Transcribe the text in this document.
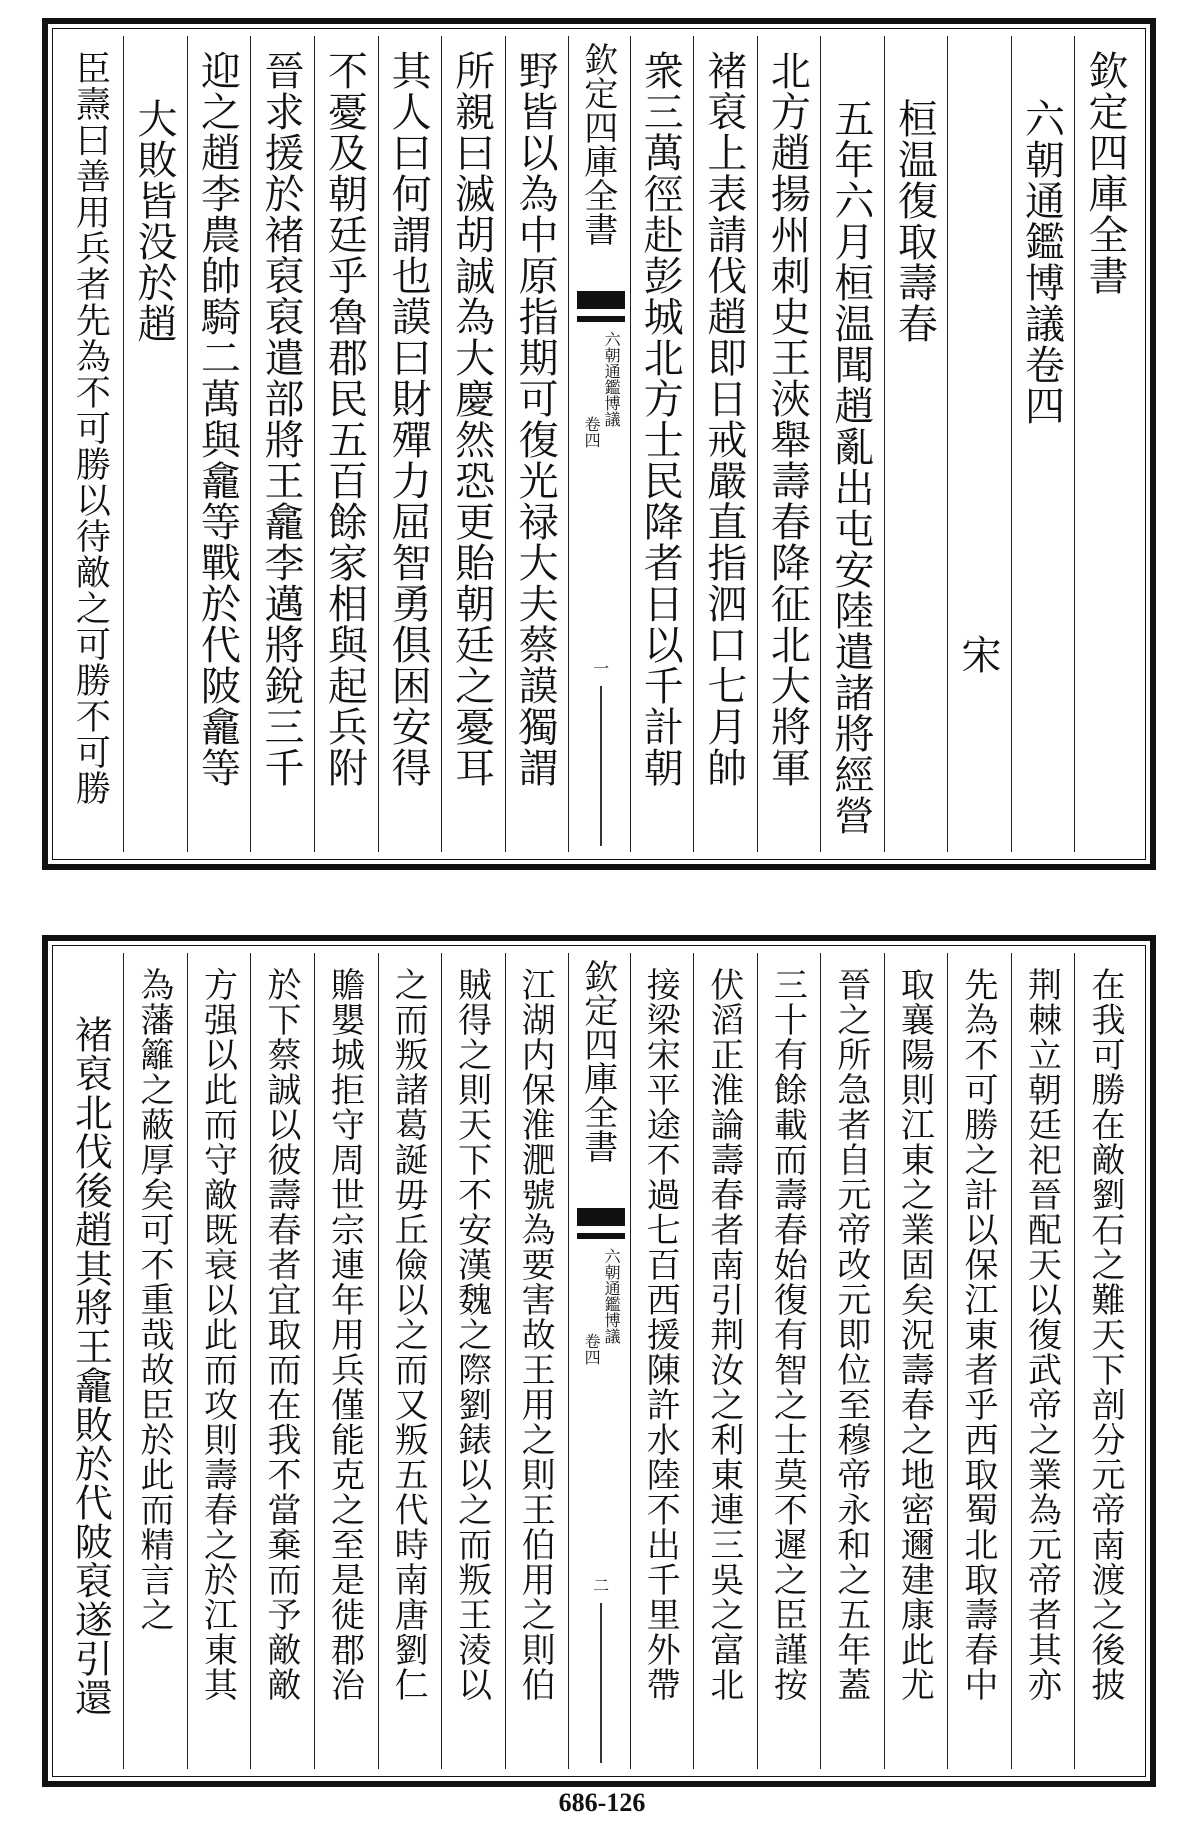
欽定四庫全書
六朝通鑑博議卷四
宋
桓温復取壽春
五年六月桓温聞趙亂出屯安陸遣諸將經營
北方趙揚州刺史王浹舉壽春降征北大將軍
褚裒上表請伐趙即日戒嚴直指泗口七月帥
衆三萬徑赴彭城北方士民降者日以千計朝
欽定四庫全書
六朝通鑑博議
卷四
一
野皆以為中原指期可復光禄大夫蔡謨獨謂
所親曰滅胡誠為大慶然恐更貽朝廷之憂耳
其人曰何謂也謨曰財殫力屈智勇俱困安得
不憂及朝廷乎魯郡民五百餘家相與起兵附
晉求援於褚裒裒遣部將王龕李邁將銳三千
迎之趙李農帥騎二萬與龕等戰於代陂龕等
大敗皆没於趙
臣燾曰善用兵者先為不可勝以待敵之可勝不可勝
在我可勝在敵劉石之難天下剖分元帝南渡之後披
荆棘立朝廷祀晉配天以復武帝之業為元帝者其亦
先為不可勝之計以保江東者乎西取蜀北取壽春中
取襄陽則江東之業固矣況壽春之地密邇建康此尤
晉之所急者自元帝改元即位至穆帝永和之五年蓋
三十有餘載而壽春始復有智之士莫不遲之臣謹按
伏滔正淮論壽春者南引荆汝之利東連三吳之富北
接梁宋平途不過七百西援陳許水陸不出千里外帶
欽定四庫全書
六朝通鑑博議
卷四
二
江湖内保淮淝號為要害故王用之則王伯用之則伯
賊得之則天下不安漢魏之際劉錶以之而叛王淩以
之而叛諸葛誕毋丘儉以之而又叛五代時南唐劉仁
贍嬰城拒守周世宗連年用兵僅能克之至是徙郡治
於下蔡誠以彼壽春者宜取而在我不當棄而予敵敵
方强以此而守敵既衰以此而攻則壽春之於江東其
為藩籬之蔽厚矣可不重哉故臣於此而精言之
褚裒北伐後趙其將王龕敗於代陂裒遂引還
686-126
